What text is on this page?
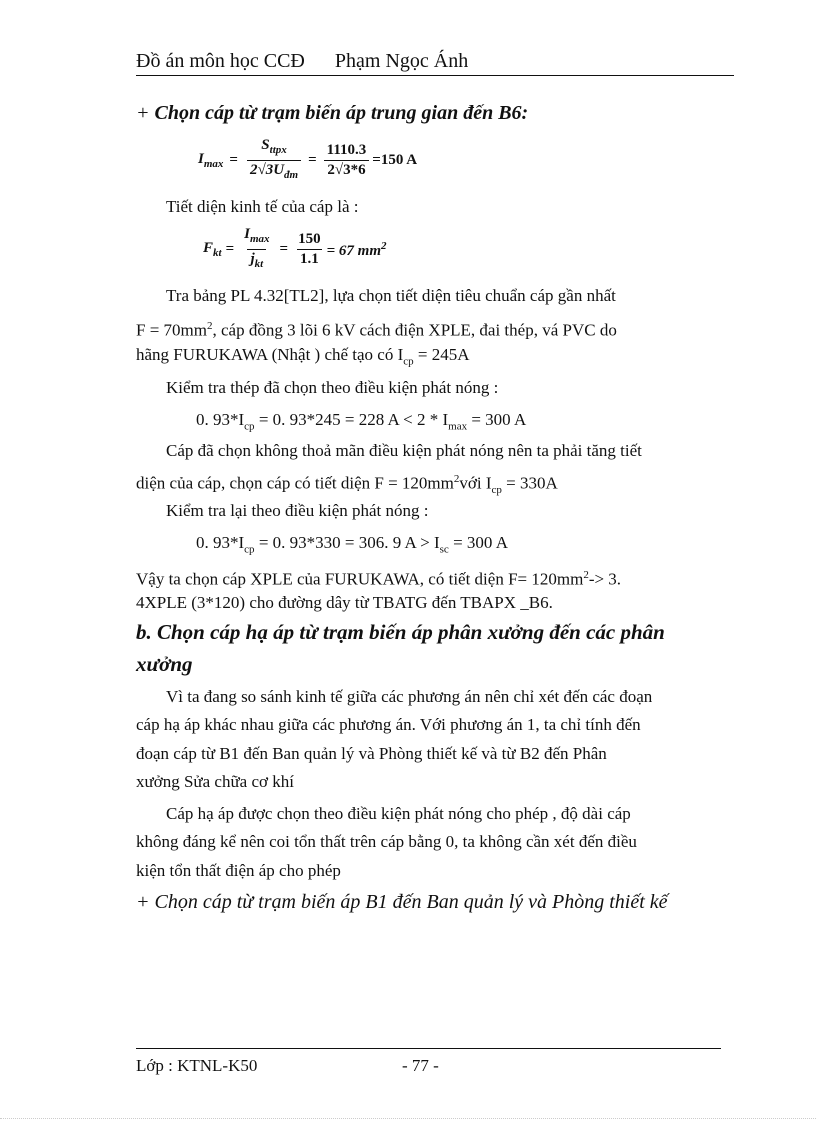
Đồ án môn học CCĐ Phạm Ngọc Ánh
+ Chọn cáp từ trạm biến áp trung gian đến B6:
$I_{max} = \frac{S_{ttpx}}{2√3U_{đm}} = \frac{1110.3}{2√3*6} =150$ A
Tiết diện kinh tế của cáp là :
$F_{kt} = \frac{I_{max}}{j_{kt}} = \frac{150}{1.1} = 67$ $mm^2$
Tra bảng PL 4.32[TL2], lựa chọn tiết diện tiêu chuẩn cáp gần nhất
$F = 70mm^2$, cáp đồng 3 lõi 6 kV cách điện XPLE, đai thép, vá PVC do
hãng FURUKAWA (Nhật ) chế tạo có $I_{cp} = 245A$
Kiểm tra thép đã chọn theo điều kiện phát nóng :
0. $93*I_{cp} = 0$. 93*245 = 228 $A < 2 * I_{max} = 300$ A
Cáp đã chọn không thoả mãn điều kiện phát nóng nên ta phải tăng tiết
diện của cáp, chọn cáp có tiết diện $F = 120mm^2với$ $I_{cp} = 330A$
Kiểm tra lại theo điều kiện phát nóng :
0. $93*I_{cp} = 0$. 93*330 = 306. 9 $A > I_{sc} = 300$ A
Vậy ta chọn cáp XPLE của FURUKAWA, có tiết diện $F= 120mm^2-> 3$.
4XPLE (3*120) cho đường dây từ TBATG đến TBAPX _B6.
b. Chọn cáp hạ áp từ trạm biến áp phân xưởng đến các phân
xưởng
Vì ta đang so sánh kinh tế giữa các phương án nên chỉ xét đến các đoạn
cáp hạ áp khác nhau giữa các phương án. Với phương án 1, ta chỉ tính đến
đoạn cáp từ B1 đến Ban quản lý và Phòng thiết kế và từ B2 đến Phân
xưởng Sửa chữa cơ khí
Cáp hạ áp được chọn theo điều kiện phát nóng cho phép , độ dài cáp
không đáng kể nên coi tổn thất trên cáp bằng 0, ta không cần xét đến điều
kiện tổn thất điện áp cho phép
+ Chọn cáp từ trạm biến áp B1 đến Ban quản lý và Phòng thiết kế
Lớp : KTNL-K50	- 77 -
